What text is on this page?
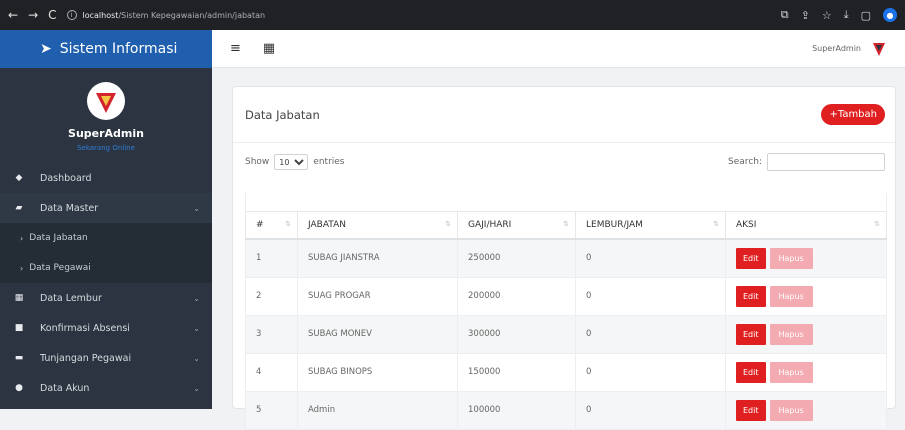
← → C	i	localhost /Sistem Kepegawaian/admin/jabatan	⧉ ⇪ ☆ ⤓ ▢	●
➤ Sistem Informasi
SuperAdmin
Sekarang Online
◆	Dashboard
▰	Data Master	⌄
› Data Jabatan
› Data Pegawai
▦ Data Lembur	⌄
■ Konfirmasi Absensi	⌄
▬ Tunjangan Pegawai	⌄
●	Data Akun	⌄
≡ ▦	SuperAdmin
Data Jabatan	+Tambah
Show
10	entries	Search:

# ⇅	JABATAN ⇅	GAJI/HARI ⇅	LEMBUR/JAM ⇅	AKSI ⇅

1	SUBAG JIANSTRA	250000	0	Edit Hapus
2	SUAG PROGAR	200000	0	Edit Hapus
3	SUBAG MONEV	300000	0	Edit Hapus
4	SUBAG BINOPS	150000	0	Edit Hapus
5	Admin	100000	0	Edit Hapus
